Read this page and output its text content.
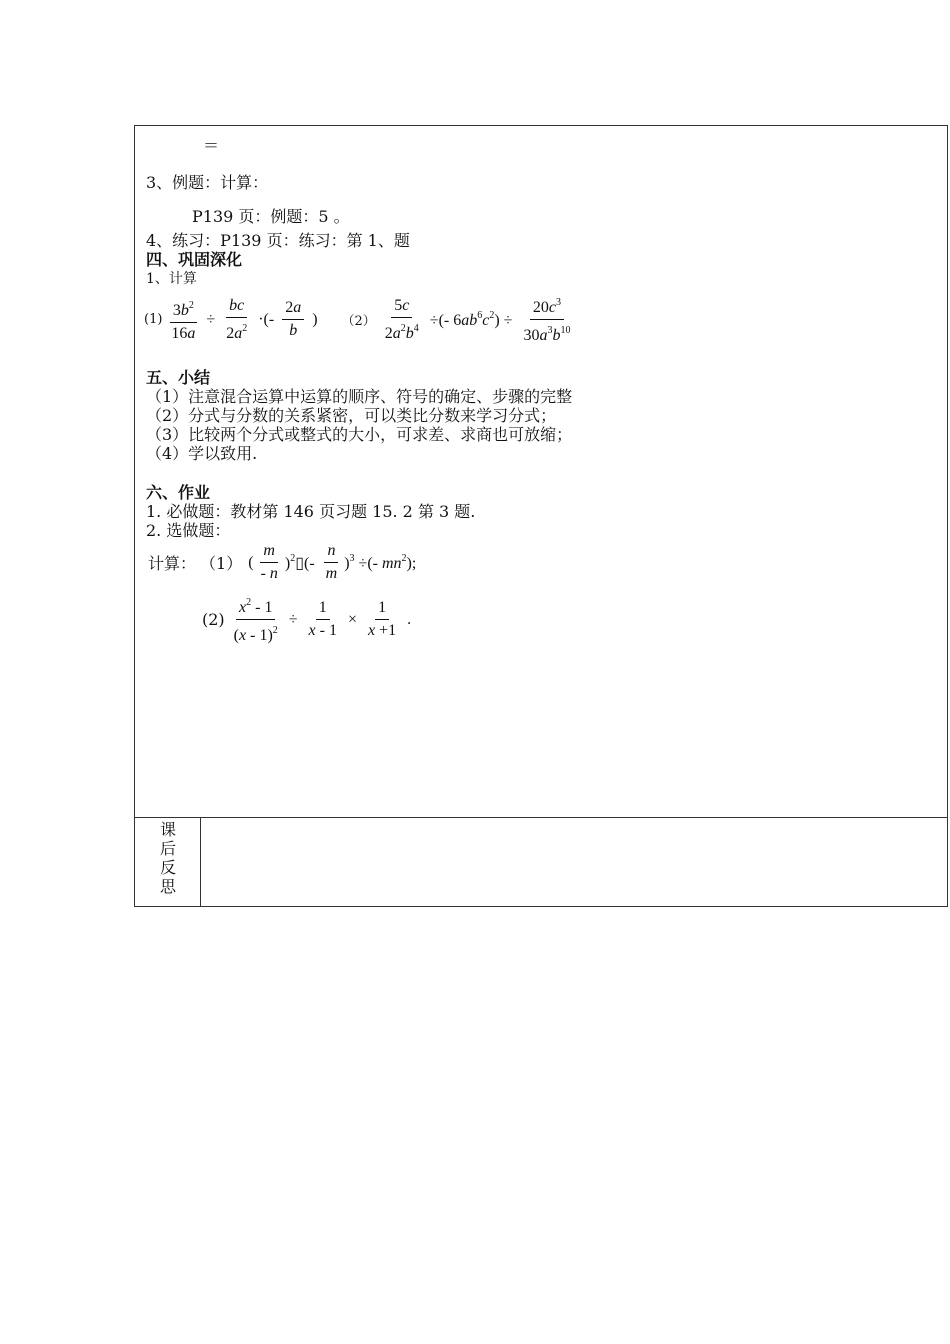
＝
3、例题：计算：
P139 页：例题：5 。
4、练习：P139 页：练习：第 1、题
四、巩固深化
1、计算
$(1) \frac{3b^2}{16a} \div \frac{bc}{2a^2}$ ·(- $\frac{2a}{b}$ ) $(2) \frac{5c}{2a^2b^4}$ ÷(- $6ab^6c^2) \div \frac{20c^3}{30a^3b^{10}}$
五、小结
（1）注意混合运算中运算的顺序、符号的确定、步骤的完整
（2）分式与分数的关系紧密，可以类比分数来学习分式；
（3）比较两个分式或整式的大小，可求差、求商也可放缩；
（4）学以致用.
六、作业
1. 必做题：教材第 146 页习题 15. 2 第 3 题.
2. 选做题：
计算： （1） ( $\frac{m}{- n}$ )$^2$▯(- $\frac{n}{m} )^3$ ÷(- $mn^2$);
$(2) \frac{x^2 - 1}{(x - 1)^2} \div \frac{1}{x - 1} \times \frac{1}{x +1}$ .
课
后
反
思
